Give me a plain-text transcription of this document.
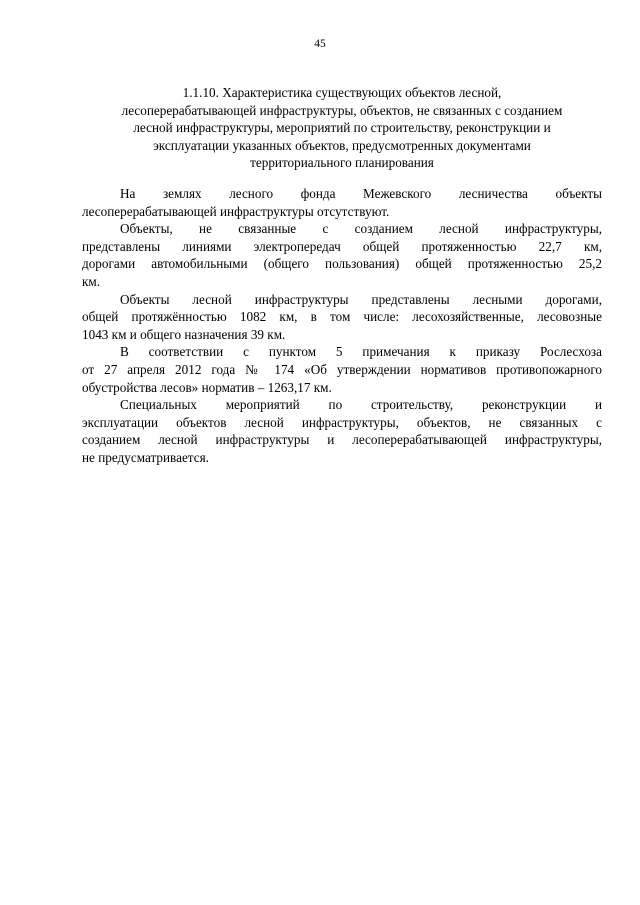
45
1.1.10. Характеристика существующих объектов лесной,
лесоперерабатывающей инфраструктуры, объектов, не связанных с созданием
лесной инфраструктуры, мероприятий по строительству, реконструкции и
эксплуатации указанных объектов, предусмотренных документами
территориального планирования

На землях лесного фонда Межевского лесничества объекты
лесоперерабатывающей инфраструктуры отсутствуют.

Объекты, не связанные с созданием лесной инфраструктуры,
представлены линиями электропередач общей протяженностью 22,7 км,
дорогами автомобильными (общего пользования) общей протяженностью 25,2
км.

Объекты лесной инфраструктуры представлены лесными дорогами,
общей протяжённостью 1082 км, в том числе: лесохозяйственные, лесовозные
1043 км и общего назначения 39 км.

В соответствии с пунктом 5 примечания к приказу Рослесхоза
от 27 апреля 2012 года № 174 «Об утверждении нормативов противопожарного
обустройства лесов» норматив – 1263,17 км.

Специальных мероприятий по строительству, реконструкции и
эксплуатации объектов лесной инфраструктуры, объектов, не связанных с
созданием лесной инфраструктуры и лесоперерабатывающей инфраструктуры,
не предусматривается.
